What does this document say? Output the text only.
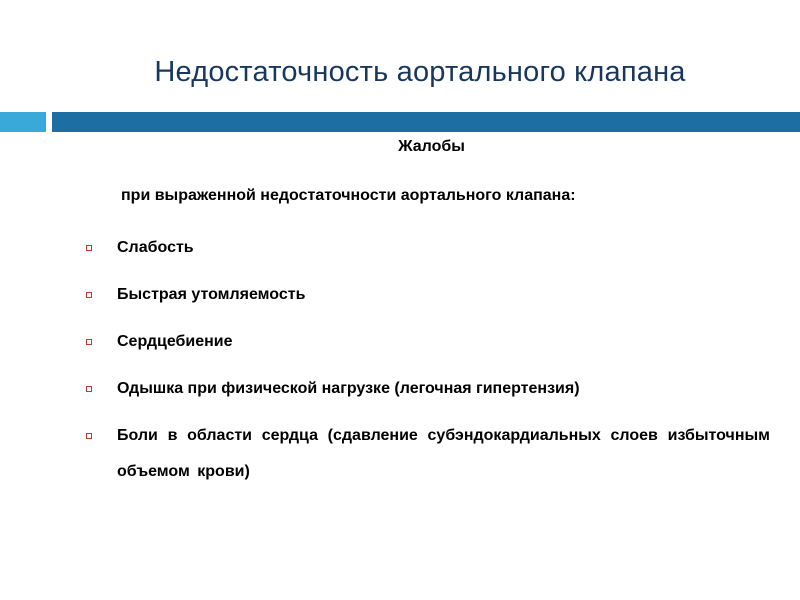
Недостаточность аортального клапана
Жалобы
при выраженной недостаточности аортального клапана:
Слабость
Быстрая утомляемость
Сердцебиение
Одышка при физической нагрузке (легочная гипертензия)
Боли в области сердца (сдавление субэндокардиальных слоев избыточным объемом крови)
